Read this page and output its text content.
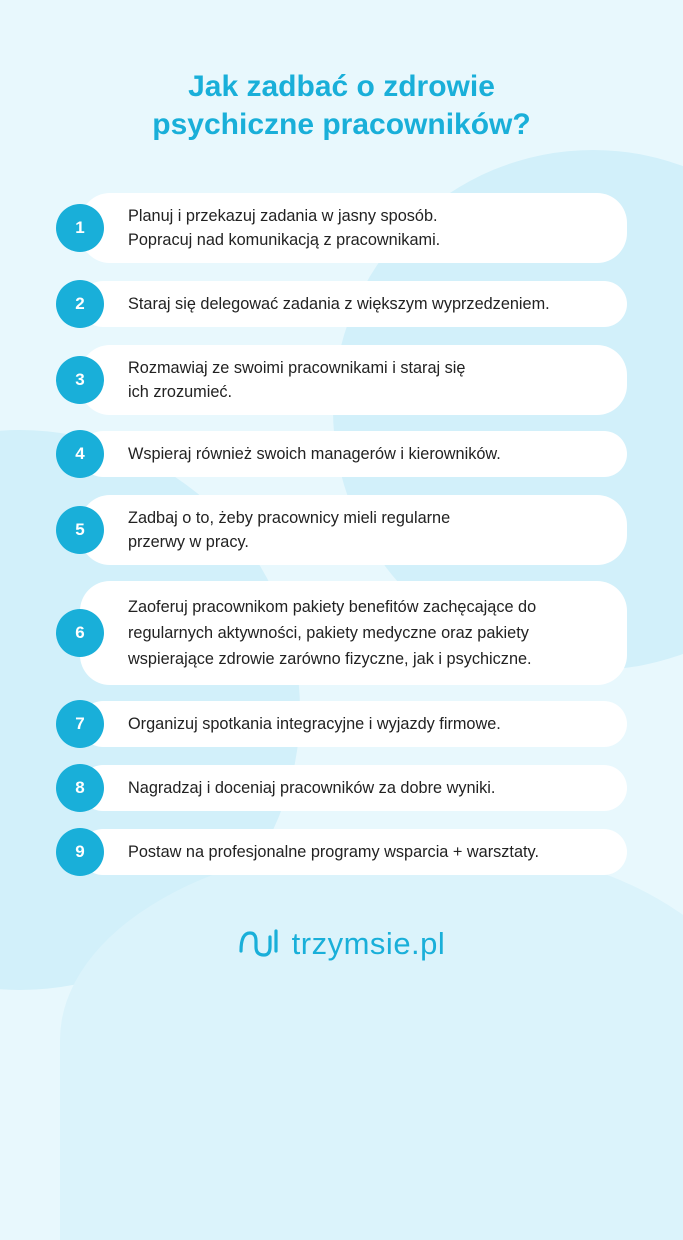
Jak zadbać o zdrowie
psychiczne pracowników?
1
Planuj i przekazuj zadania w jasny sposób.
Popracuj nad komunikacją z pracownikami.
2	Staraj się delegować zadania z większym wyprzedzeniem.
3
Rozmawiaj ze swoimi pracownikami i staraj się
ich zrozumieć.
4	Wspieraj również swoich managerów i kierowników.
5
Zadbaj o to, żeby pracownicy mieli regularne
przerwy w pracy.
6
Zaoferuj pracownikom pakiety benefitów zachęcające do
regularnych aktywności, pakiety medyczne oraz pakiety
wspierające zdrowie zarówno fizyczne, jak i psychiczne.
7	Organizuj spotkania integracyjne i wyjazdy firmowe.
8	Nagradzaj i doceniaj pracowników za dobre wyniki.
9	Postaw na profesjonalne programy wsparcia + warsztaty.
trzymsie.pl
